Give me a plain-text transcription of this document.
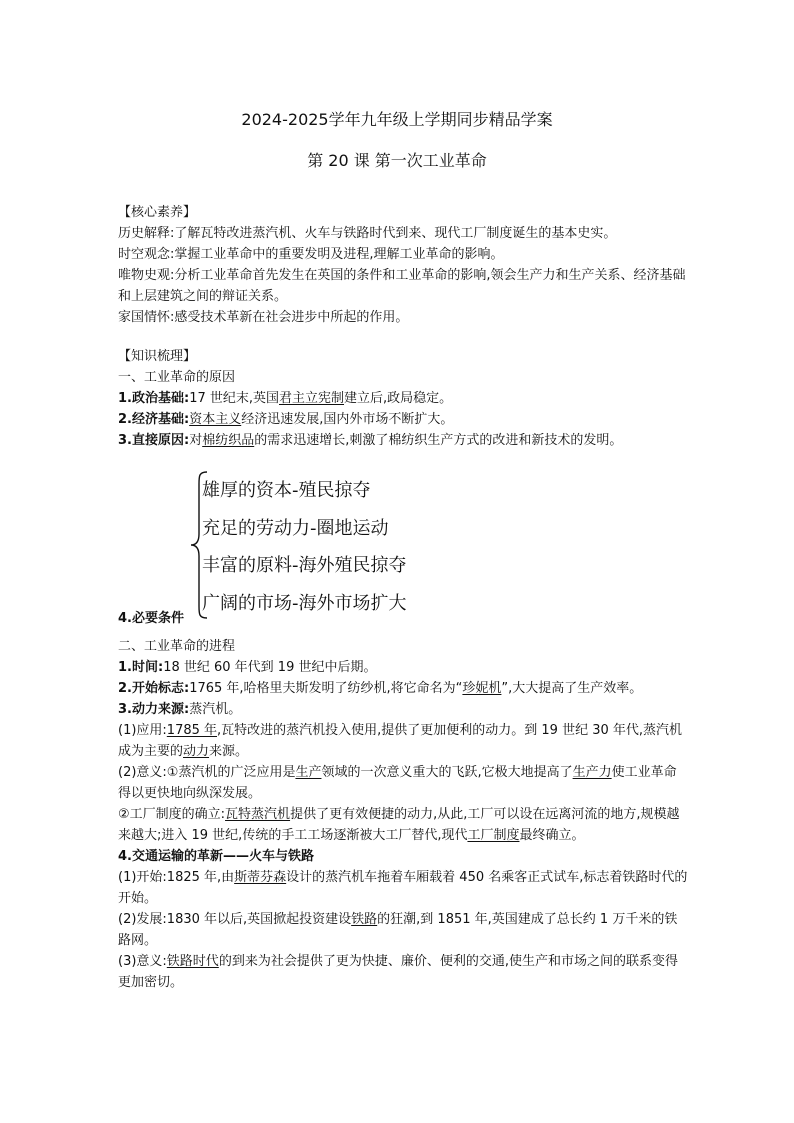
2024-2025学年九年级上学期同步精品学案
第 20 课 第一次工业革命

【核心素养】

历史解释:了解瓦特改进蒸汽机、火车与铁路时代到来、现代工厂制度诞生的基本史实。

时空观念:掌握工业革命中的重要发明及进程,理解工业革命的影响。

唯物史观:分析工业革命首先发生在英国的条件和工业革命的影响,领会生产力和生产关系、经济基础和上层建筑之间的辩证关系。

家国情怀:感受技术革新在社会进步中所起的作用。

【知识梳理】

一、工业革命的原因

1.政治基础:17 世纪末,英国君主立宪制建立后,政局稳定。

2.经济基础:资本主义经济迅速发展,国内外市场不断扩大。

3.直接原因:对棉纺织品的需求迅速增长,刺激了棉纺织生产方式的改进和新技术的发明。

雄厚的资本-殖民掠夺
充足的劳动力-圈地运动
丰富的原料-海外殖民掠夺
广阔的市场-海外市场扩大
4.必要条件

二、工业革命的进程

1.时间:18 世纪 60 年代到 19 世纪中后期。

2.开始标志:1765 年,哈格里夫斯发明了纺纱机,将它命名为“珍妮机”,大大提高了生产效率。

3.动力来源:蒸汽机。

(1)应用:1785 年,瓦特改进的蒸汽机投入使用,提供了更加便利的动力。到 19 世纪 30 年代,蒸汽机成为主要的动力来源。

(2)意义:①蒸汽机的广泛应用是生产领域的一次意义重大的飞跃,它极大地提高了生产力使工业革命得以更快地向纵深发展。

②工厂制度的确立:瓦特蒸汽机提供了更有效便捷的动力,从此,工厂可以设在远离河流的地方,规模越来越大;进入 19 世纪,传统的手工工场逐渐被大工厂替代,现代工厂制度最终确立。

4.交通运输的革新——火车与铁路

(1)开始:1825 年,由斯蒂芬森设计的蒸汽机车拖着车厢载着 450 名乘客正式试车,标志着铁路时代的开始。

(2)发展:1830 年以后,英国掀起投资建设铁路的狂潮,到 1851 年,英国建成了总长约 1 万千米的铁路网。

(3)意义:铁路时代的到来为社会提供了更为快捷、廉价、便利的交通,使生产和市场之间的联系变得更加密切。
